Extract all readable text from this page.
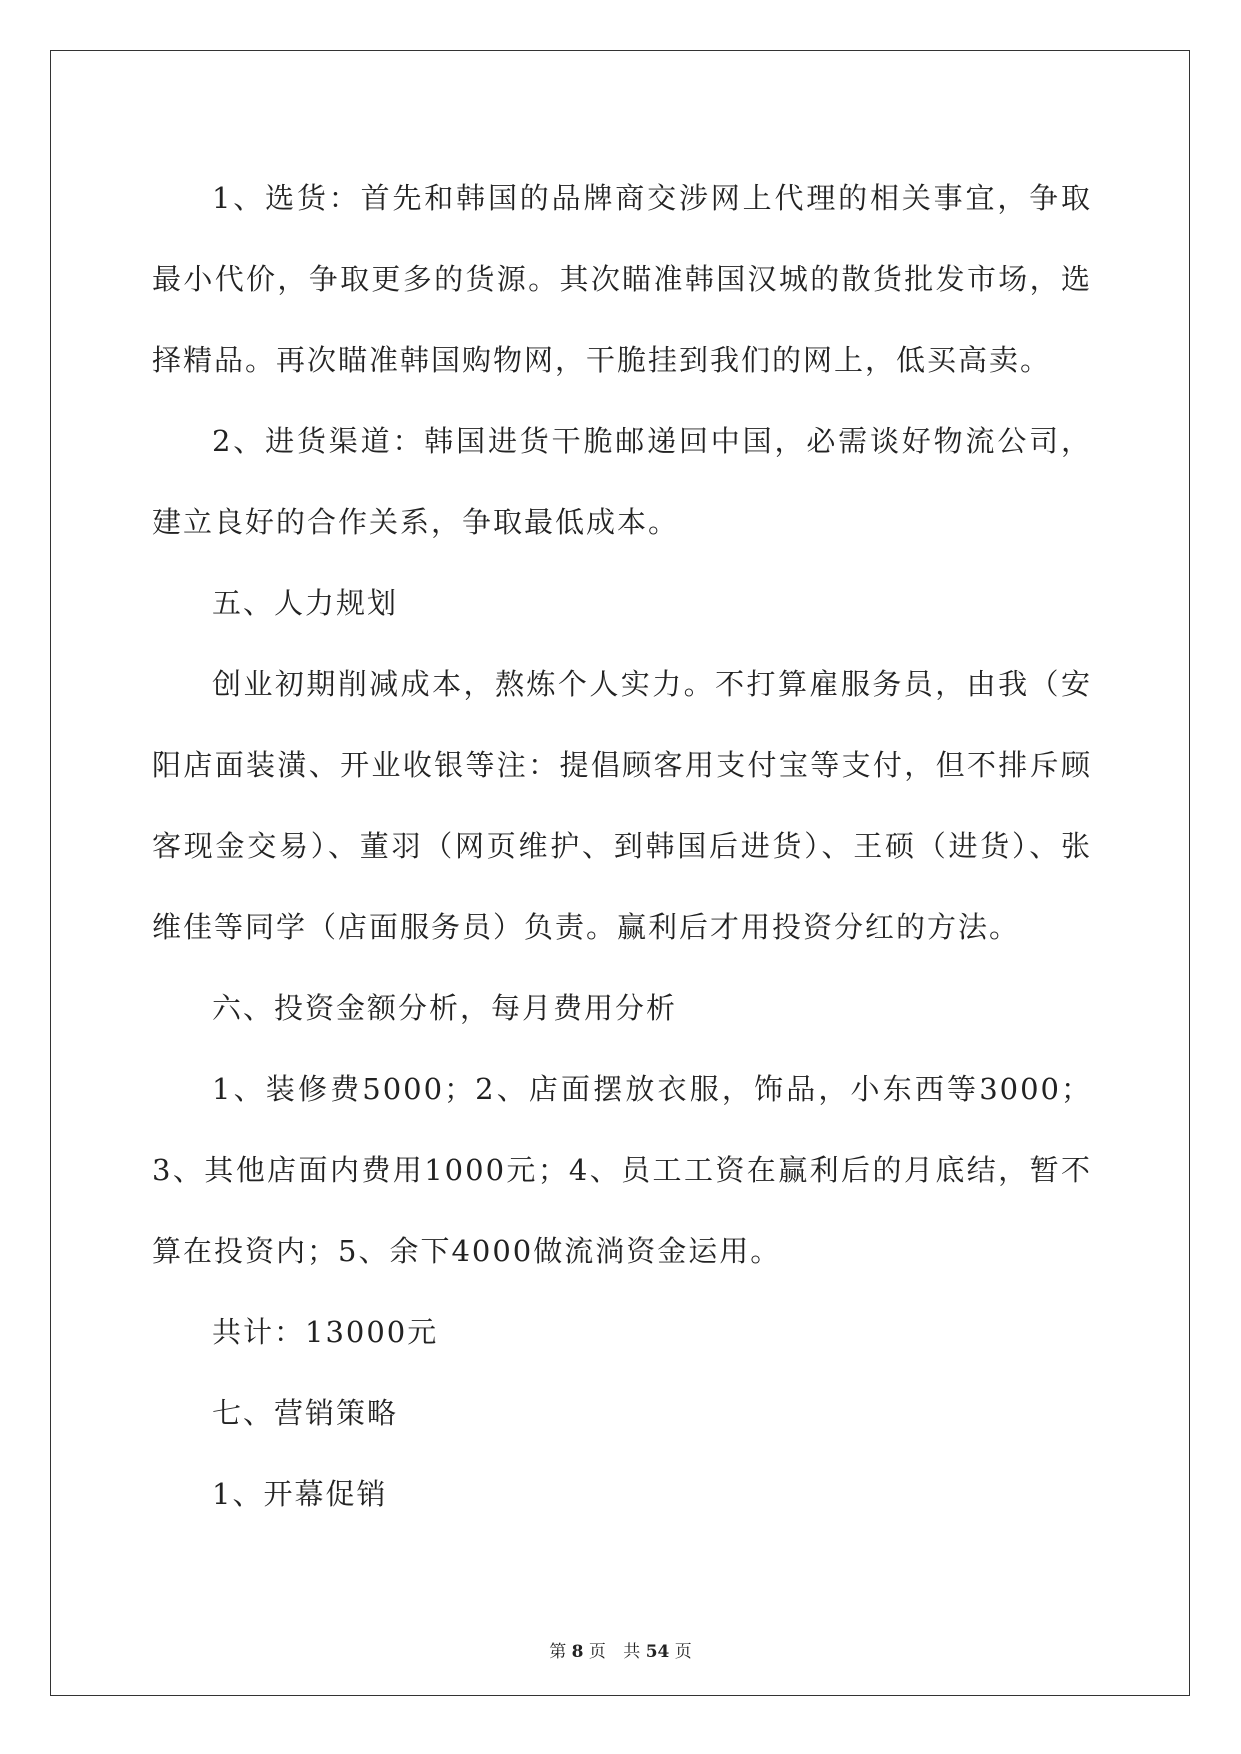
1、选货：首先和韩国的品牌商交涉网上代理的相关事宜，争取最小代价，争取更多的货源。其次瞄准韩国汉城的散货批发市场，选择精品。再次瞄准韩国购物网，干脆挂到我们的网上，低买高卖。

2、进货渠道：韩国进货干脆邮递回中国，必需谈好物流公司，建立良好的合作关系，争取最低成本。

五、人力规划

创业初期削减成本，熬炼个人实力。不打算雇服务员，由我（安阳店面装潢、开业收银等注：提倡顾客用支付宝等支付，但不排斥顾客现金交易）、董羽（网页维护、到韩国后进货）、王硕（进货）、张维佳等同学（店面服务员）负责。赢利后才用投资分红的方法。

六、投资金额分析，每月费用分析

1、装修费5000；2、店面摆放衣服，饰品，小东西等3000；3、其他店面内费用1000元；4、员工工资在赢利后的月底结，暂不算在投资内；5、余下4000做流淌资金运用。

共计：13000元

七、营销策略

1、开幕促销

第 8 页 共 54 页
